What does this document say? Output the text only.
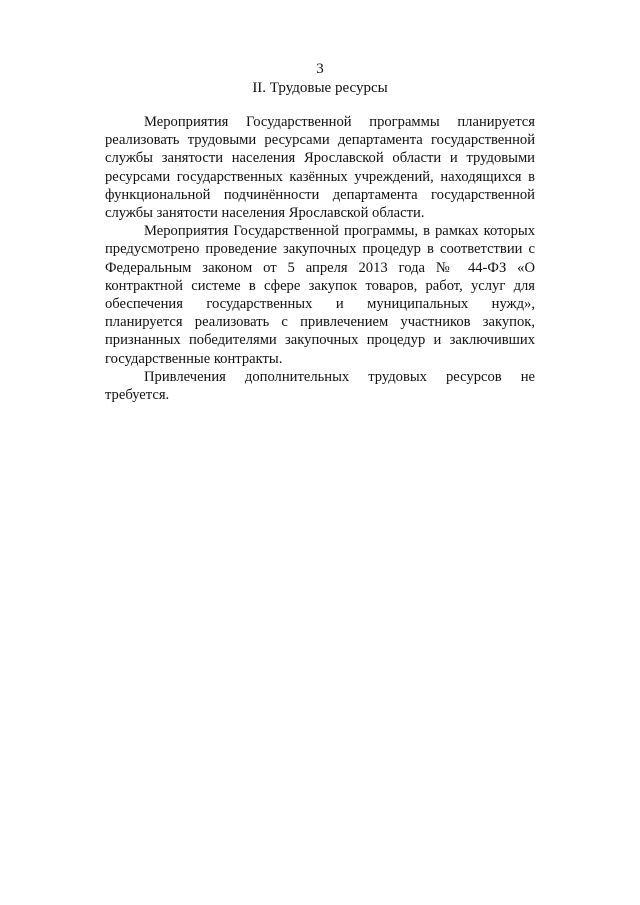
3
II. Трудовые ресурсы

Мероприятия Государственной программы планируется реализовать трудовыми ресурсами департамента государственной службы занятости населения Ярославской области и трудовыми ресурсами государственных казённых учреждений, находящихся в функциональной подчинённости департамента государственной службы занятости населения Ярославской области.

Мероприятия Государственной программы, в рамках которых предусмотрено проведение закупочных процедур в соответствии с Федеральным законом от 5 апреля 2013 года № 44-ФЗ «О контрактной системе в сфере закупок товаров, работ, услуг для обеспечения государственных и муниципальных нужд», планируется реализовать с привлечением участников закупок, признанных победителями закупочных процедур и заключивших государственные контракты.

Привлечения дополнительных трудовых ресурсов не требуется.
